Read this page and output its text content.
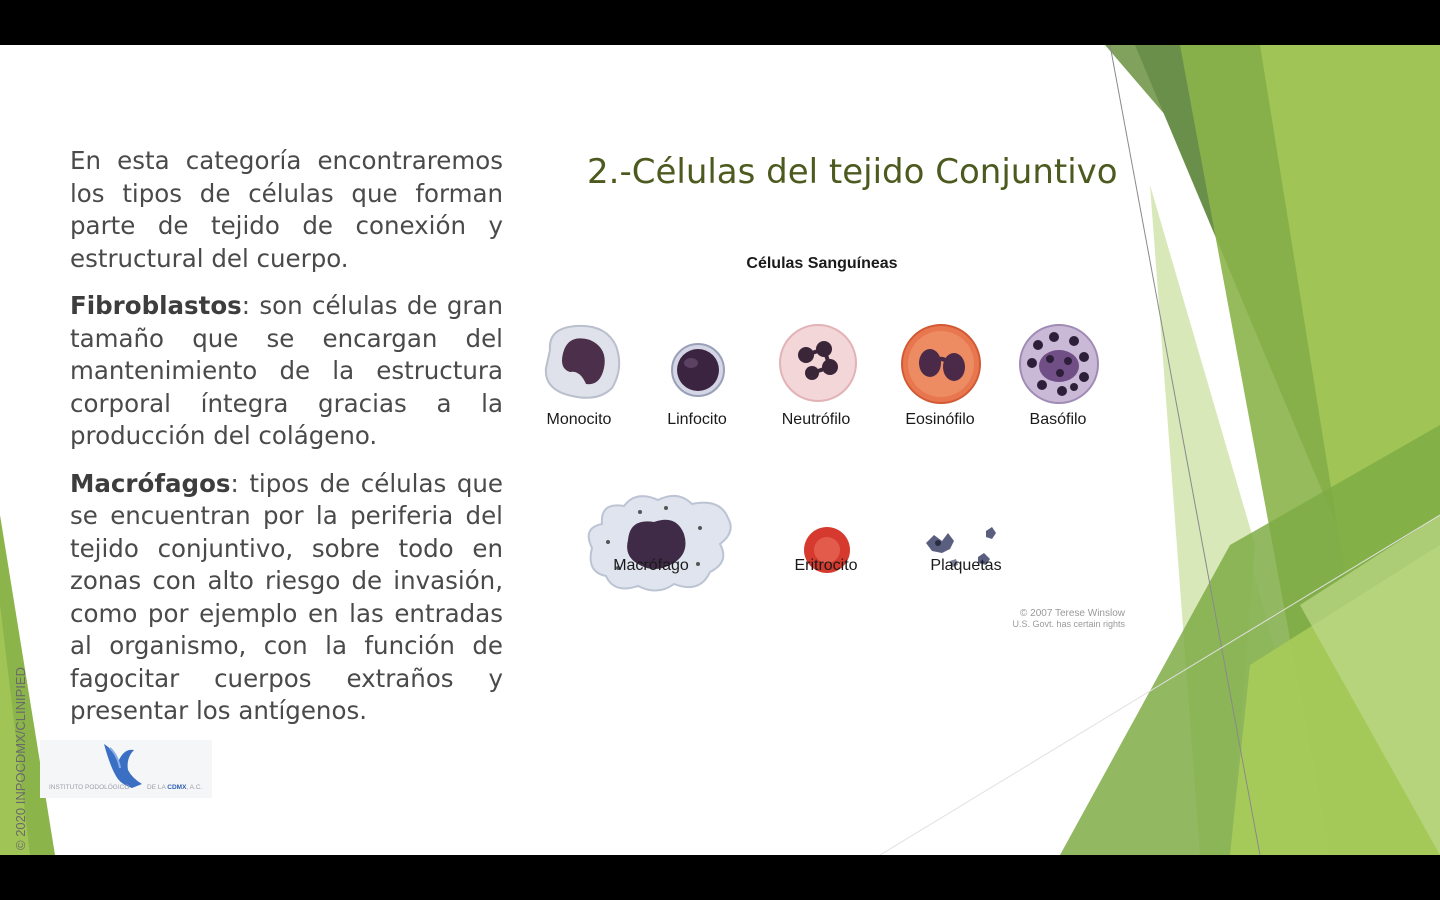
2.-Células del tejido Conjuntivo

En esta categoría encontraremos los tipos de células que forman parte de tejido de conexión y estructural del cuerpo.

Fibroblastos: son células de gran tamaño que se encargan del mantenimiento de la estructura corporal íntegra gracias a la producción del colágeno.

Macrófagos: tipos de células que se encuentran por la periferia del tejido conjuntivo, sobre todo en zonas con alto riesgo de invasión, como por ejemplo en las entradas al organismo, con la función de fagocitar cuerpos extraños y presentar los antígenos.

Células Sanguíneas
Monocito	Linfocito	Neutrófilo	Eosinófilo	Basófilo
Macrófago	Eritrocito	Plaquetas
© 2007 Terese Winslow
U.S. Govt. has certain rights
© 2020 INPOCDMX/CLINIPIED	INSTITUTO PODOLÓGICO	DE LA CDMX, A.C.
